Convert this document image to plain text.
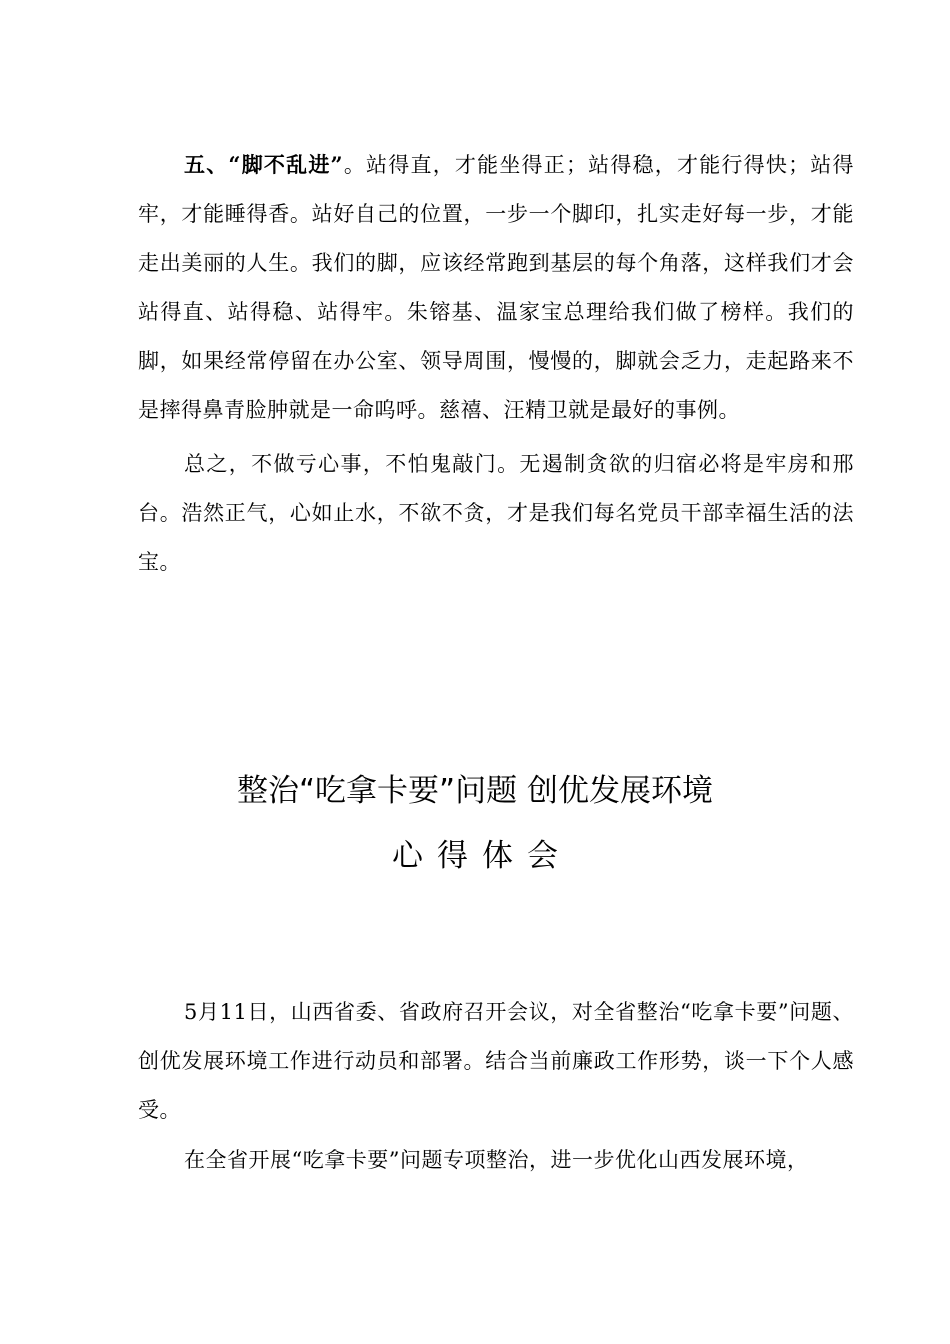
五、“脚不乱进”。站得直，才能坐得正；站得稳，才能行得快；站得牢，才能睡得香。站好自己的位置，一步一个脚印，扎实走好每一步，才能走出美丽的人生。我们的脚，应该经常跑到基层的每个角落，这样我们才会站得直、站得稳、站得牢。朱镕基、温家宝总理给我们做了榜样。我们的脚，如果经常停留在办公室、领导周围，慢慢的，脚就会乏力，走起路来不是摔得鼻青脸肿就是一命呜呼。慈禧、汪精卫就是最好的事例。

总之，不做亏心事，不怕鬼敲门。无遏制贪欲的归宿必将是牢房和邢台。浩然正气，心如止水，不欲不贪，才是我们每名党员干部幸福生活的法宝。

整治“吃拿卡要”问题 创优发展环境
心得体会

5月11日，山西省委、省政府召开会议，对全省整治“吃拿卡要”问题、创优发展环境工作进行动员和部署。结合当前廉政工作形势，谈一下个人感受。

在全省开展“吃拿卡要”问题专项整治，进一步优化山西发展环境，
